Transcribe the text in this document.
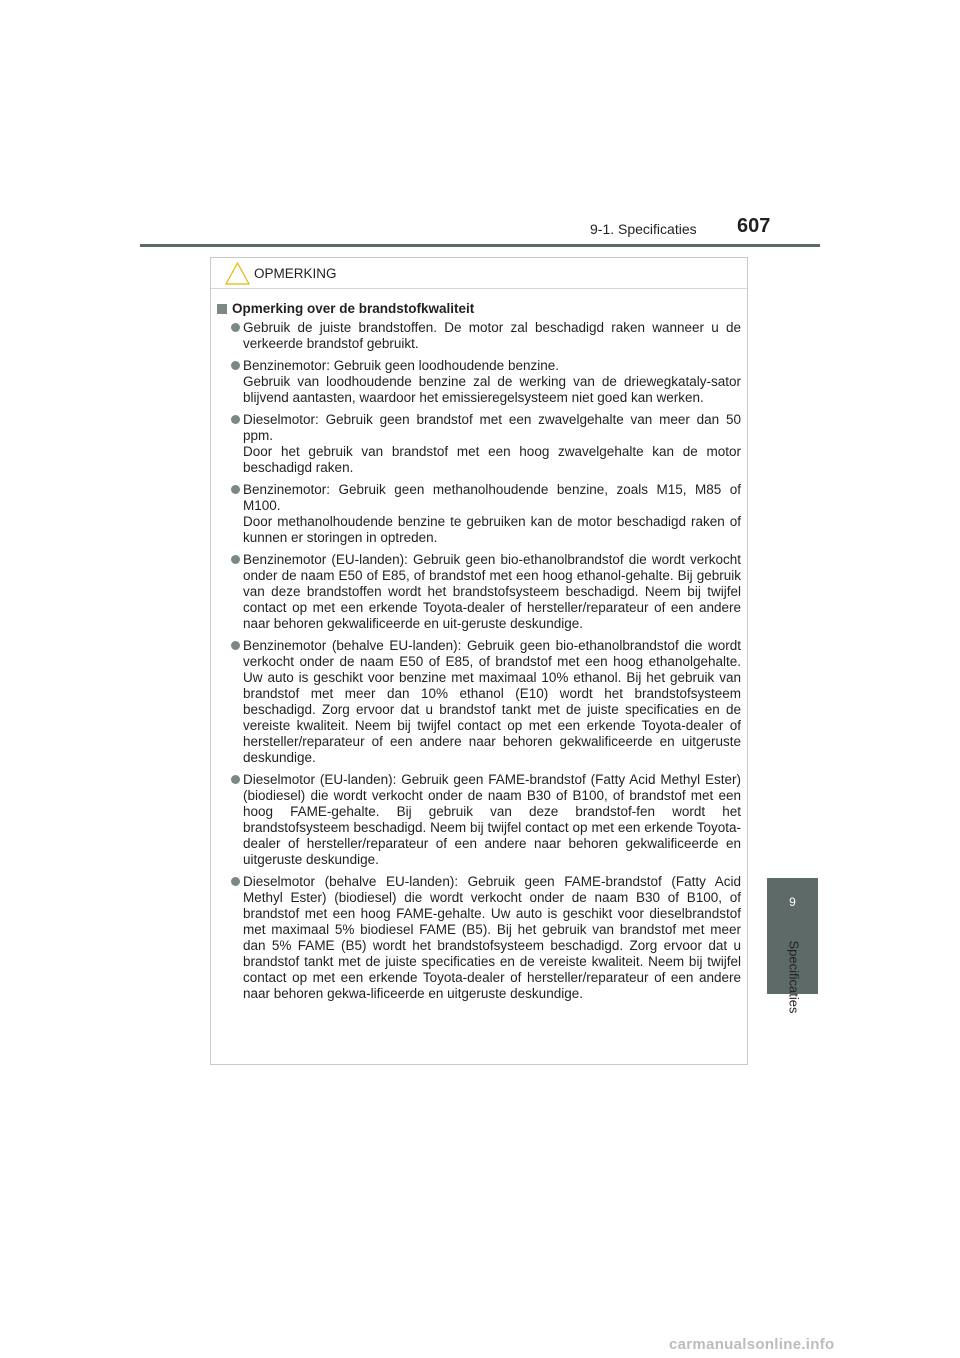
9-1. Specificaties 607
9
Specificaties
OPMERKING
Opmerking over de brandstofkwaliteit
Gebruik de juiste brandstoffen. De motor zal beschadigd raken wanneer u de verkeerde brandstof gebruikt.
Benzinemotor: Gebruik geen loodhoudende benzine.
Gebruik van loodhoudende benzine zal de werking van de driewegkataly-sator blijvend aantasten, waardoor het emissieregelsysteem niet goed kan werken.
Dieselmotor: Gebruik geen brandstof met een zwavelgehalte van meer dan 50 ppm.
Door het gebruik van brandstof met een hoog zwavelgehalte kan de motor beschadigd raken.
Benzinemotor: Gebruik geen methanolhoudende benzine, zoals M15, M85 of M100.
Door methanolhoudende benzine te gebruiken kan de motor beschadigd raken of kunnen er storingen in optreden.
Benzinemotor (EU-landen): Gebruik geen bio-ethanolbrandstof die wordt verkocht onder de naam E50 of E85, of brandstof met een hoog ethanol-gehalte. Bij gebruik van deze brandstoffen wordt het brandstofsysteem beschadigd. Neem bij twijfel contact op met een erkende Toyota-dealer of hersteller/reparateur of een andere naar behoren gekwalificeerde en uit-geruste deskundige.
Benzinemotor (behalve EU-landen): Gebruik geen bio-ethanolbrandstof die wordt verkocht onder de naam E50 of E85, of brandstof met een hoog ethanolgehalte. Uw auto is geschikt voor benzine met maximaal 10% ethanol. Bij het gebruik van brandstof met meer dan 10% ethanol (E10) wordt het brandstofsysteem beschadigd. Zorg ervoor dat u brandstof tankt met de juiste specificaties en de vereiste kwaliteit. Neem bij twijfel contact op met een erkende Toyota-dealer of hersteller/reparateur of een andere naar behoren gekwalificeerde en uitgeruste deskundige.
Dieselmotor (EU-landen): Gebruik geen FAME-brandstof (Fatty Acid Methyl Ester) (biodiesel) die wordt verkocht onder de naam B30 of B100, of brandstof met een hoog FAME-gehalte. Bij gebruik van deze brandstof-fen wordt het brandstofsysteem beschadigd. Neem bij twijfel contact op met een erkende Toyota-dealer of hersteller/reparateur of een andere naar behoren gekwalificeerde en uitgeruste deskundige.
Dieselmotor (behalve EU-landen): Gebruik geen FAME-brandstof (Fatty Acid Methyl Ester) (biodiesel) die wordt verkocht onder de naam B30 of B100, of brandstof met een hoog FAME-gehalte. Uw auto is geschikt voor dieselbrandstof met maximaal 5% biodiesel FAME (B5). Bij het gebruik van brandstof met meer dan 5% FAME (B5) wordt het brandstofsysteem beschadigd. Zorg ervoor dat u brandstof tankt met de juiste specificaties en de vereiste kwaliteit. Neem bij twijfel contact op met een erkende Toyota-dealer of hersteller/reparateur of een andere naar behoren gekwa-lificeerde en uitgeruste deskundige.
carmanualsonline.info
